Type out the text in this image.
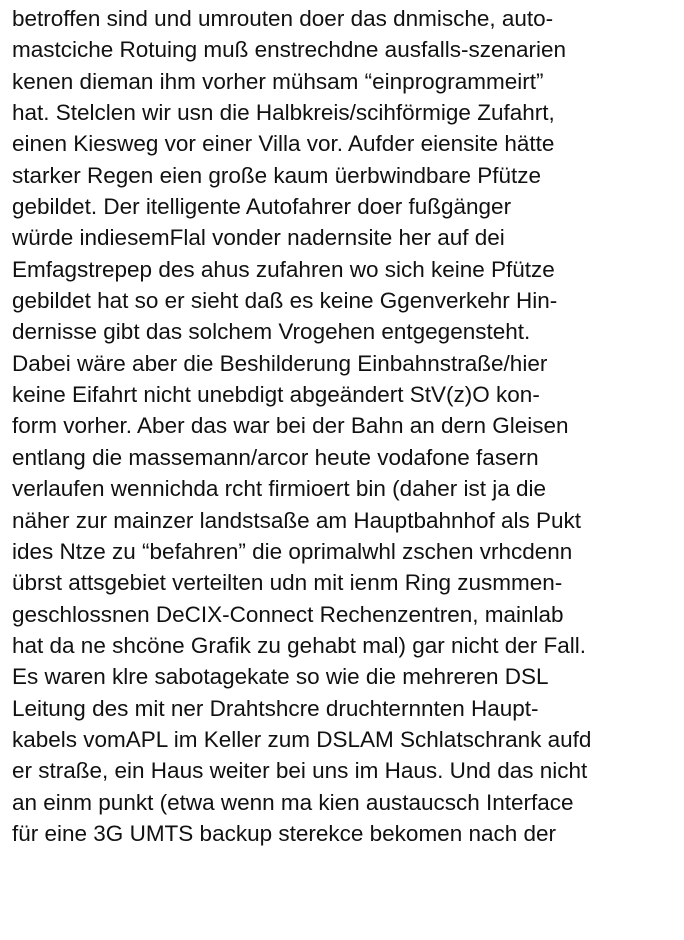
betroffen sind und umrouten doer das dnmische, auto-
mastciche Rotuing muß enstrechdne ausfalls-szenarien
kenen dieman ihm vorher mühsam “einprogrammeirt”
hat. Stelclen wir usn die Halbkreis/scihförmige Zufahrt,
einen Kiesweg vor einer Villa vor. Aufder eiensite hätte
starker Regen eien große kaum üerbwindbare Pfütze
gebildet. Der itelligente Autofahrer doer fußgänger
würde indiesemFlal vonder nadernsite her auf dei
Emfagstrepep des ahus zufahren wo sich keine Pfütze
gebildet hat so er sieht daß es keine Ggenverkehr Hin-
dernisse gibt das solchem Vrogehen entgegensteht.
Dabei wäre aber die Beshilderung Einbahnstraße/hier
keine Eifahrt nicht unebdigt abgeändert StV(z)O kon-
form vorher. Aber das war bei der Bahn an dern Gleisen
entlang die massemann/arcor heute vodafone fasern
verlaufen wennichda rcht firmioert bin (daher ist ja die
näher zur mainzer landstsaße am Hauptbahnhof als Pukt
ides Ntze zu “befahren” die oprimalwhl zschen vrhcdenn
übrst attsgebiet verteilten udn mit ienm Ring zusmmen-
geschlossnen DeCIX-Connect Rechenzentren, mainlab
hat da ne shcöne Grafik zu gehabt mal) gar nicht der Fall.
Es waren klre sabotagekate so wie die mehreren DSL
Leitung des mit ner Drahtshcre druchternnten Haupt-
kabels vomAPL im Keller zum DSLAM Schlatschrank aufd
er straße, ein Haus weiter bei uns im Haus. Und das nicht
an einm punkt (etwa wenn ma kien austaucsch Interface
für eine 3G UMTS backup sterekce bekomen nach der
